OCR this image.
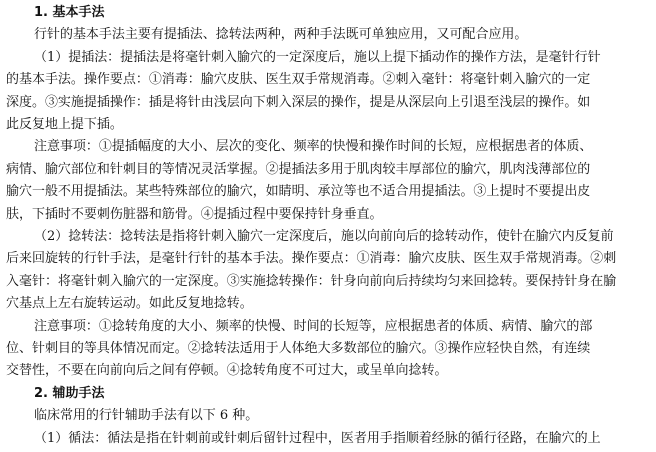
1. 基本手法
行针的基本手法主要有提插法、捻转法两种，两种手法既可单独应用，又可配合应用。
（1）提插法：提插法是将毫针刺入腧穴的一定深度后，施以上提下插动作的操作方法，是毫针行针
的基本手法。操作要点：①消毒：腧穴皮肤、医生双手常规消毒。②刺入毫针：将毫针刺入腧穴的一定
深度。③实施提插操作：插是将针由浅层向下刺入深层的操作，提是从深层向上引退至浅层的操作。如
此反复地上提下插。
注意事项：①提插幅度的大小、层次的变化、频率的快慢和操作时间的长短，应根据患者的体质、
病情、腧穴部位和针刺目的等情况灵活掌握。②提插法多用于肌肉较丰厚部位的腧穴，肌肉浅薄部位的
腧穴一般不用提插法。某些特殊部位的腧穴，如睛明、承泣等也不适合用提插法。③上提时不要提出皮
肤，下插时不要刺伤脏器和筋骨。④提插过程中要保持针身垂直。
（2）捻转法：捻转法是指将针刺入腧穴一定深度后，施以向前向后的捻转动作，使针在腧穴内反复前
后来回旋转的行针手法，是毫针行针的基本手法。操作要点：①消毒：腧穴皮肤、医生双手常规消毒。②刺
入毫针：将毫针刺入腧穴的一定深度。③实施捻转操作：针身向前向后持续均匀来回捻转。要保持针身在腧
穴基点上左右旋转运动。如此反复地捻转。
注意事项：①捻转角度的大小、频率的快慢、时间的长短等，应根据患者的体质、病情、腧穴的部
位、针刺目的等具体情况而定。②捻转法适用于人体绝大多数部位的腧穴。③操作应轻快自然，有连续
交替性，不要在向前向后之间有停顿。④捻转角度不可过大，或呈单向捻转。
2. 辅助手法
临床常用的行针辅助手法有以下 6 种。
（1）循法：循法是指在针刺前或针刺后留针过程中，医者用手指顺着经脉的循行径路，在腧穴的上
